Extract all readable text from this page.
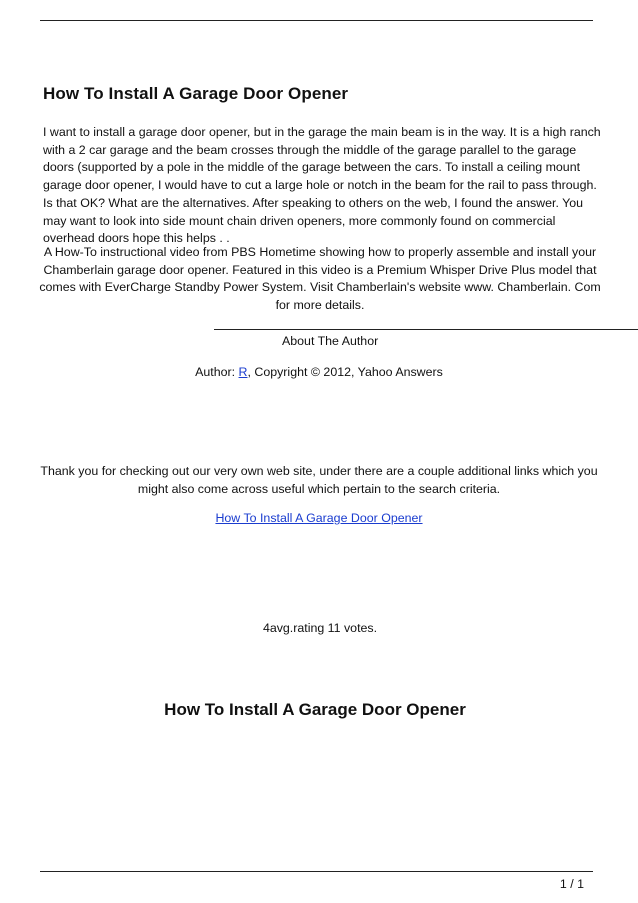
How To Install A Garage Door Opener

I want to install a garage door opener, but in the garage the main beam is in the way. It is a high ranch with a 2 car garage and the beam crosses through the middle of the garage parallel to the garage doors (supported by a pole in the middle of the garage between the cars. To install a ceiling mount garage door opener, I would have to cut a large hole or notch in the beam for the rail to pass through. Is that OK? What are the alternatives. After speaking to others on the web, I found the answer. You may want to look into side mount chain driven openers, more commonly found on commercial overhead doors hope this helps . .

A How-To instructional video from PBS Hometime showing how to properly assemble and install your Chamberlain garage door opener. Featured in this video is a Premium Whisper Drive Plus model that comes with EverCharge Standby Power System. Visit Chamberlain's website www. Chamberlain. Com for more details.

About The Author

Author: R, Copyright © 2012, Yahoo Answers

Thank you for checking out our very own web site, under there are a couple additional links which you might also come across useful which pertain to the search criteria.

How To Install A Garage Door Opener

4avg.rating 11 votes.

How To Install A Garage Door Opener
1 / 1
